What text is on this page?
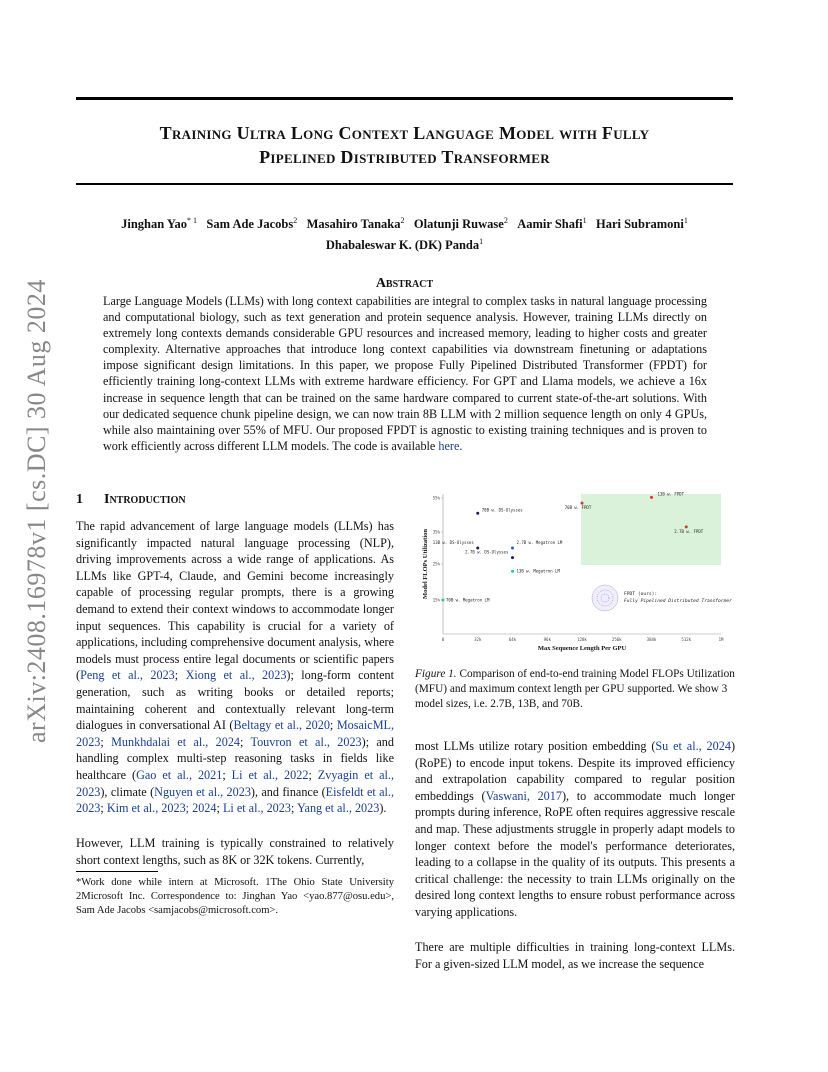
arXiv:2408.16978v1 [cs.DC] 30 Aug 2024
Training Ultra Long Context Language Model with Fully
Pipelined Distributed Transformer
Jinghan Yao$^{* 1}$ Sam Ade Jacobs$^2$ Masahiro Tanaka$^2$ Olatunji Ruwase$^2$ Aamir Shafi$^1$ Hari Subramoni$^1$
Dhabaleswar K. (DK) Panda$^1$
Abstract
Large Language Models (LLMs) with long context capabilities are integral to complex tasks in natural language processing and computational biology, such as text generation and protein sequence analysis. However, training LLMs directly on extremely long contexts demands considerable GPU resources and increased memory, leading to higher costs and greater complexity. Alternative approaches that introduce long context capabilities via downstream finetuning or adaptations impose significant design limitations. In this paper, we propose Fully Pipelined Distributed Transformer (FPDT) for efficiently training long-context LLMs with extreme hardware efficiency. For GPT and Llama models, we achieve a 16x increase in sequence length that can be trained on the same hardware compared to current state-of-the-art solutions. With our dedicated sequence chunk pipeline design, we can now train 8B LLM with 2 million sequence length on only 4 GPUs, while also maintaining over 55% of MFU. Our proposed FPDT is agnostic to existing training techniques and is proven to work efficiently across different LLM models. The code is available here.
1 Introduction
The rapid advancement of large language models (LLMs) has significantly impacted natural language processing (NLP), driving improvements across a wide range of applications. As LLMs like GPT-4, Claude, and Gemini become increasingly capable of processing regular prompts, there is a growing demand to extend their context windows to accommodate longer input sequences. This capability is crucial for a variety of applications, including comprehensive document analysis, where models must process entire legal documents or scientific papers (Peng et al., 2023; Xiong et al., 2023); long-form content generation, such as writing books or detailed reports; maintaining coherent and contextually relevant long-term dialogues in conversational AI (Beltagy et al., 2020; MosaicML, 2023; Munkhdalai et al., 2024; Touvron et al., 2023); and handling complex multi-step reasoning tasks in fields like healthcare (Gao et al., 2021; Li et al., 2022; Zvyagin et al., 2023), climate (Nguyen et al., 2023), and finance (Eisfeldt et al., 2023; Kim et al., 2023; 2024; Li et al., 2023; Yang et al., 2023).
However, LLM training is typically constrained to relatively short context lengths, such as 8K or 32K tokens. Currently,
*Work done while intern at Microsoft. 1The Ohio State University 2Microsoft Inc. Correspondence to: Jinghan Yao <yao.877@osu.edu>, Sam Ade Jacobs <samjacobs@microsoft.com>.
55%
35%
25%
15%
8	32k	64k	96k	128k	256k	384k	512k	1M
70B w. DS-Ulysses
13B w. DS-Ulysses
2.7B w. DS-Ulysses
2.7B w. Megatron LM
13B w. Megatron LM
70B w. Megatron LM
70B w. FPDT
13B w. FPDT
2.7B w. FPDT
FPDT (ours):
Fully Pipelined Distributed Transformer
Max Sequence Length Per GPU
Model FLOPs Utilization
Figure 1. Comparison of end-to-end training Model FLOPs Utilization (MFU) and maximum context length per GPU supported. We show 3 model sizes, i.e. 2.7B, 13B, and 70B.
most LLMs utilize rotary position embedding (Su et al., 2024) (RoPE) to encode input tokens. Despite its improved efficiency and extrapolation capability compared to regular position embeddings (Vaswani, 2017), to accommodate much longer prompts during inference, RoPE often requires aggressive rescale and map. These adjustments struggle in properly adapt models to longer context before the model's performance deteriorates, leading to a collapse in the quality of its outputs. This presents a critical challenge: the necessity to train LLMs originally on the desired long context lengths to ensure robust performance across varying applications.
There are multiple difficulties in training long-context LLMs. For a given-sized LLM model, as we increase the sequence
